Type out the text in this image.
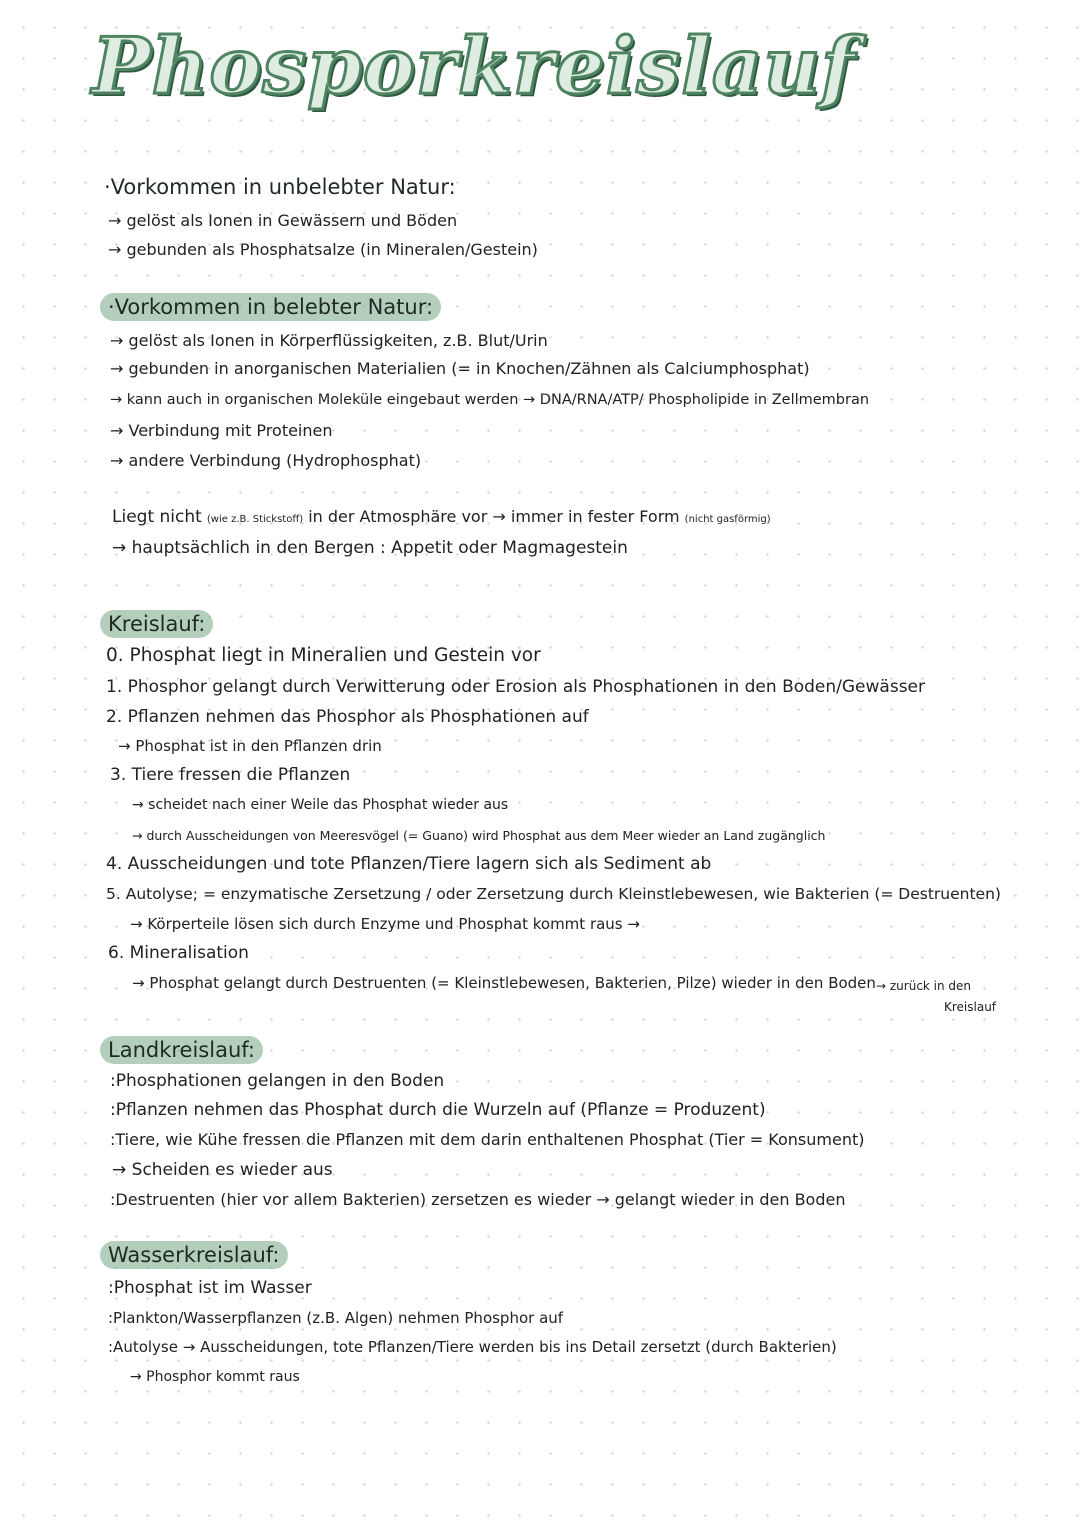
Phosporkreislauf
·Vorkommen in unbelebter Natur:
→ gelöst als Ionen in Gewässern und Böden
→ gebunden als Phosphatsalze (in Mineralen/Gestein)
·Vorkommen in belebter Natur:
→ gelöst als Ionen in Körperflüssigkeiten, z.B. Blut/Urin
→ gebunden in anorganischen Materialien (= in Knochen/Zähnen als Calciumphosphat)
→ kann auch in organischen Moleküle eingebaut werden → DNA/RNA/ATP/ Phospholipide in Zellmembran
→ Verbindung mit Proteinen
→ andere Verbindung (Hydrophosphat)
Liegt nicht (wie z.B. Stickstoff) in der Atmosphäre vor → immer in fester Form (nicht gasförmig)
→ hauptsächlich in den Bergen : Appetit oder Magmagestein
Kreislauf:
0. Phosphat liegt in Mineralien und Gestein vor
1. Phosphor gelangt durch Verwitterung oder Erosion als Phosphationen in den Boden/Gewässer
2. Pflanzen nehmen das Phosphor als Phosphationen auf
→ Phosphat ist in den Pflanzen drin
3. Tiere fressen die Pflanzen
→ scheidet nach einer Weile das Phosphat wieder aus
→ durch Ausscheidungen von Meeresvögel (= Guano) wird Phosphat aus dem Meer wieder an Land zugänglich
4. Ausscheidungen und tote Pflanzen/Tiere lagern sich als Sediment ab
5. Autolyse; = enzymatische Zersetzung / oder Zersetzung durch Kleinstlebewesen, wie Bakterien (= Destruenten)
→ Körperteile lösen sich durch Enzyme und Phosphat kommt raus →
6. Mineralisation
→ Phosphat gelangt durch Destruenten (= Kleinstlebewesen, Bakterien, Pilze) wieder in den Boden → zurück in den
Kreislauf
Landkreislauf:
:Phosphationen gelangen in den Boden
:Pflanzen nehmen das Phosphat durch die Wurzeln auf (Pflanze = Produzent)
:Tiere, wie Kühe fressen die Pflanzen mit dem darin enthaltenen Phosphat (Tier = Konsument)
→ Scheiden es wieder aus
:Destruenten (hier vor allem Bakterien) zersetzen es wieder → gelangt wieder in den Boden
Wasserkreislauf:
:Phosphat ist im Wasser
:Plankton/Wasserpflanzen (z.B. Algen) nehmen Phosphor auf
:Autolyse → Ausscheidungen, tote Pflanzen/Tiere werden bis ins Detail zersetzt (durch Bakterien)
→ Phosphor kommt raus
